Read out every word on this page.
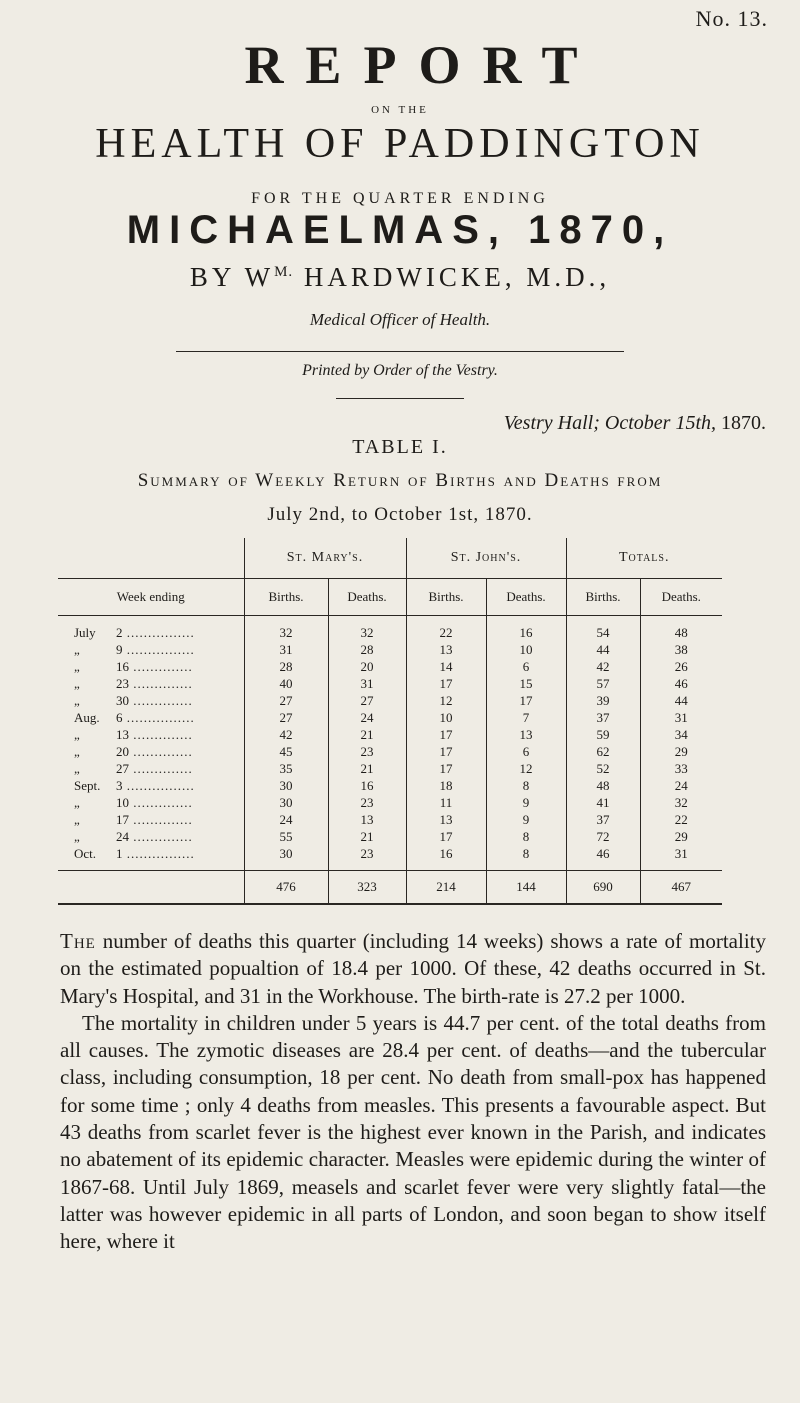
No. 13.
REPORT
ON THE
HEALTH OF PADDINGTON
FOR THE QUARTER ENDING
MICHAELMAS, 1870,
BY $W^{M.}$ HARDWICKE, M.D.,
Medical Officer of Health.
Printed by Order of the Vestry.
Vestry Hall; October 15th, 1870.
TABLE I.
Summary of Weekly Return of Births and Deaths from
July 2nd, to October 1st, 1870.
	St. Mary's.		St. John's.		Totals.	
Week ending	Births.	Deaths.	Births.	Deaths.	Births.	Deaths.
July 2 ................	32	32	22	16	54	48
„ 9 ................	31	28	13	10	44	38
„ 16 ..............	28	20	14	6	42	26
„ 23 ..............	40	31	17	15	57	46
„ 30 ..............	27	27	12	17	39	44
Aug. 6 ................	27	24	10	7	37	31
„ 13 ..............	42	21	17	13	59	34
„ 20 ..............	45	23	17	6	62	29
„ 27 ..............	35	21	17	12	52	33
Sept. 3 ................	30	16	18	8	48	24
„ 10 ..............	30	23	11	9	41	32
„ 17 ..............	24	13	13	9	37	22
„ 24 ..............	55	21	17	8	72	29
Oct. 1 ................	30	23	16	8	46	31
	476	323	214	144	690	467

The number of deaths this quarter (including 14 weeks) shows a rate of mortality on the estimated popualtion of 18.4 per 1000. Of these, 42 deaths occurred in St. Mary's Hospital, and 31 in the Workhouse. The birth-rate is 27.2 per 1000.

The mortality in children under 5 years is 44.7 per cent. of the total deaths from all causes. The zymotic diseases are 28.4 per cent. of deaths—and the tubercular class, including consumption, 18 per cent. No death from small-pox has happened for some time ; only 4 deaths from measles. This presents a favourable aspect. But 43 deaths from scarlet fever is the highest ever known in the Parish, and indicates no abatement of its epidemic character. Measles were epidemic during the winter of 1867-68. Until July 1869, measels and scarlet fever were very slightly fatal—the latter was however epidemic in all parts of London, and soon began to show itself here, where it
